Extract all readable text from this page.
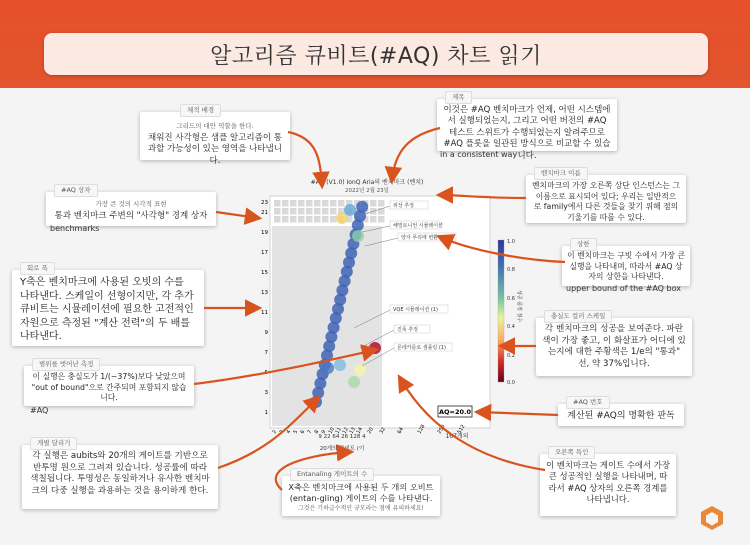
알고리즘 큐비트(#AQ) 차트 읽기
#AQ (V1.0) IonQ Aria의 벤치마크 (벤치)
2022년 2월 23일
23
21
19
17
15
13
11
9
7
5
3
1
2 3 4 5 6 7 8 9 10
11
12
13
14 20 32 64 128 256 512
9 22 64 26 128 4
20개의 큐비트 (이
167개의
위상 추정
해밀토니언 시뮬레이션
양자 푸리에 변환 (1)
VQE 시뮬레이션 (1)
진폭 추정
몬테카를로 샘플링 (1)
AQ=20.0
1.0
0.8
0.6
0.4
0.2
0.0
성공 품질 점수
체적 배경
그리드의 대안 역할을 한다.
채워진 사각형은 샘플 알고리즘이 통과할 가능성이 있는 영역을 나타냅니다.
제목
이것은 #AQ 벤치마크가 언제, 어떤 시스템에서 실행되었는지, 그리고 어떤 버전의 #AQ 테스트 스위트가 수행되었는지 알려주므로 #AQ 플롯을 일관된 방식으로 비교할 수 있습니다.
in a consistent way
#AQ 상자
가장 큰 것의 시각적 표현
통과 벤치마크 주변의 "사각형" 경계 상자
benchmarks
벤치마크 이름
벤치마크의 가장 오른쪽 상단 인스턴스는 그 이름으로 표시되어 있다; 우리는 일반적으로 family에서 다른 것들을 찾기 위해 점의 기울기를 따를 수 있다.
상한
이 벤치마크는 구빗 수에서 가장 큰 실행을 나타내며, 따라서 #AQ 상자의 상한을 나타낸다.
upper bound of the #AQ box
회로 폭
Y축은 벤치마크에 사용된 오빗의 수를 나타낸다. 스케일이 선형이지만, 각 추가 큐비트는 시뮬레이션에 필요한 고전적인 자원으로 측정된 "계산 전력"의 두 배를 나타낸다.
충실도 컬러 스케일
각 벤치마크의 성공을 보여준다. 파란색이 가장 좋고, 이 화살표가 어디에 있는지에 대한 주황색은 1/e의 "통과" 선, 약 37%입니다.
범위를 벗어난 측정
이 실행은 충실도가 1/(~37%)보다 낮았으며 "out of bound"으로 간주되며 포함되지 않습니다.
#AQ
#AQ 번호
계산된 #AQ의 명확한 판독
개별 달리기
각 실행은 aubits와 20개의 게이트를 기반으로 반투명 원으로 그려져 있습니다. 성공률에 따라 색칠됩니다. 투명성은 동일하거나 유사한 벤치마크의 다중 실행을 과용하는 것을 용이하게 한다.
Entanaling 게이트의 수
X축은 벤치마크에 사용된 두 개의 오비트(entan-gling) 게이트의 수를 나타낸다.
그것은 기하급수적인 규모라는 점에 유의하세요!
오른쪽 특인
이 벤치마크는 게이트 수에서 가장 큰 성공적인 실행을 나타내며, 따라서 #AQ 상자의 오른쪽 경계를 나타냅니다.
